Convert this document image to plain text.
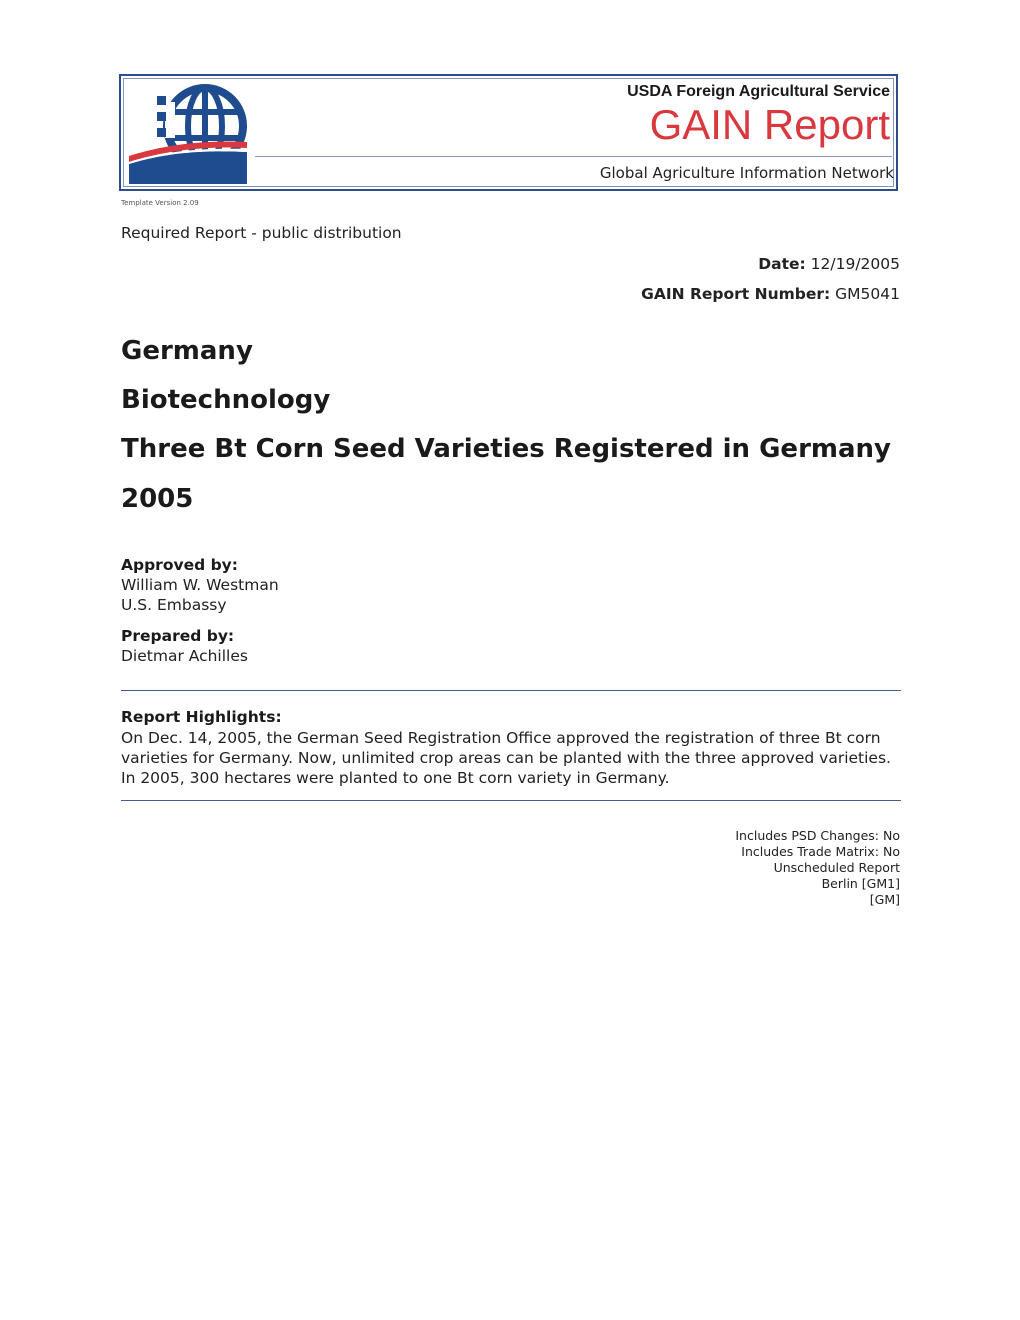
USDA Foreign Agricultural Service
GAIN Report
Global Agriculture Information Network
Template Version 2.09
Required Report - public distribution
Date: 12/19/2005
GAIN Report Number: GM5041
Germany
Biotechnology
Three Bt Corn Seed Varieties Registered in Germany
2005
Approved by:
William W. Westman
U.S. Embassy
Prepared by:
Dietmar Achilles
Report Highlights:
On Dec. 14, 2005, the German Seed Registration Office approved the registration of three Bt corn varieties for Germany. Now, unlimited crop areas can be planted with the three approved varieties. In 2005, 300 hectares were planted to one Bt corn variety in Germany.
Includes PSD Changes: No
Includes Trade Matrix: No
Unscheduled Report
Berlin [GM1]
[GM]
